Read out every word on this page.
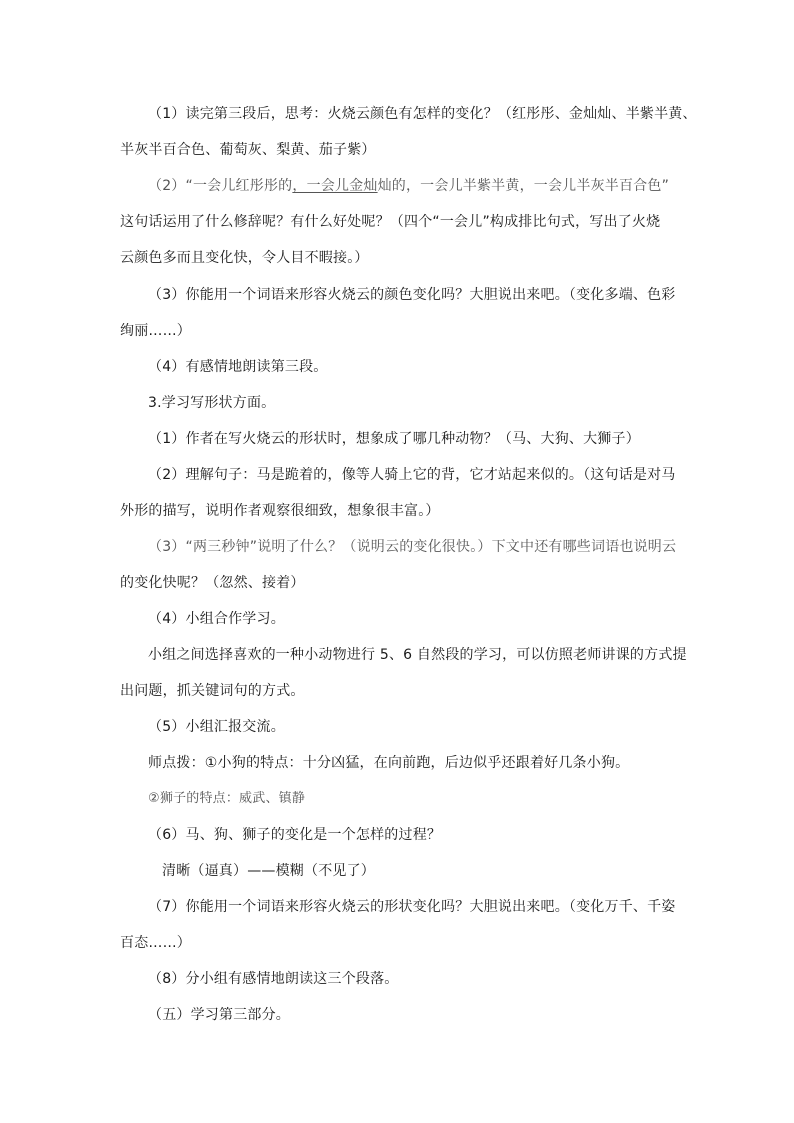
（1）读完第三段后，思考：火烧云颜色有怎样的变化？（红彤彤、金灿灿、半紫半黄、
半灰半百合色、葡萄灰、梨黄、茄子紫）
（2）“一会儿红彤彤的，一会儿金灿灿的，一会儿半紫半黄，一会儿半灰半百合色”
这句话运用了什么修辞呢？有什么好处呢？（四个“一会儿”构成排比句式，写出了火烧
云颜色多而且变化快，令人目不暇接。）
（3）你能用一个词语来形容火烧云的颜色变化吗？大胆说出来吧。（变化多端、色彩
绚丽……）
（4）有感情地朗读第三段。
3.学习写形状方面。
（1）作者在写火烧云的形状时，想象成了哪几种动物？（马、大狗、大狮子）
（2）理解句子：马是跪着的，像等人骑上它的背，它才站起来似的。（这句话是对马
外形的描写，说明作者观察很细致，想象很丰富。）
（3）“两三秒钟”说明了什么？（说明云的变化很快。）下文中还有哪些词语也说明云
的变化快呢？（忽然、接着）
（4）小组合作学习。
小组之间选择喜欢的一种小动物进行 5、6 自然段的学习，可以仿照老师讲课的方式提
出问题，抓关键词句的方式。
（5）小组汇报交流。
师点拨：①小狗的特点：十分凶猛，在向前跑，后边似乎还跟着好几条小狗。
②狮子的特点：威武、镇静
（6）马、狗、狮子的变化是一个怎样的过程？
清晰（逼真）——模糊（不见了）
（7）你能用一个词语来形容火烧云的形状变化吗？大胆说出来吧。（变化万千、千姿
百态……）
（8）分小组有感情地朗读这三个段落。
（五）学习第三部分。
